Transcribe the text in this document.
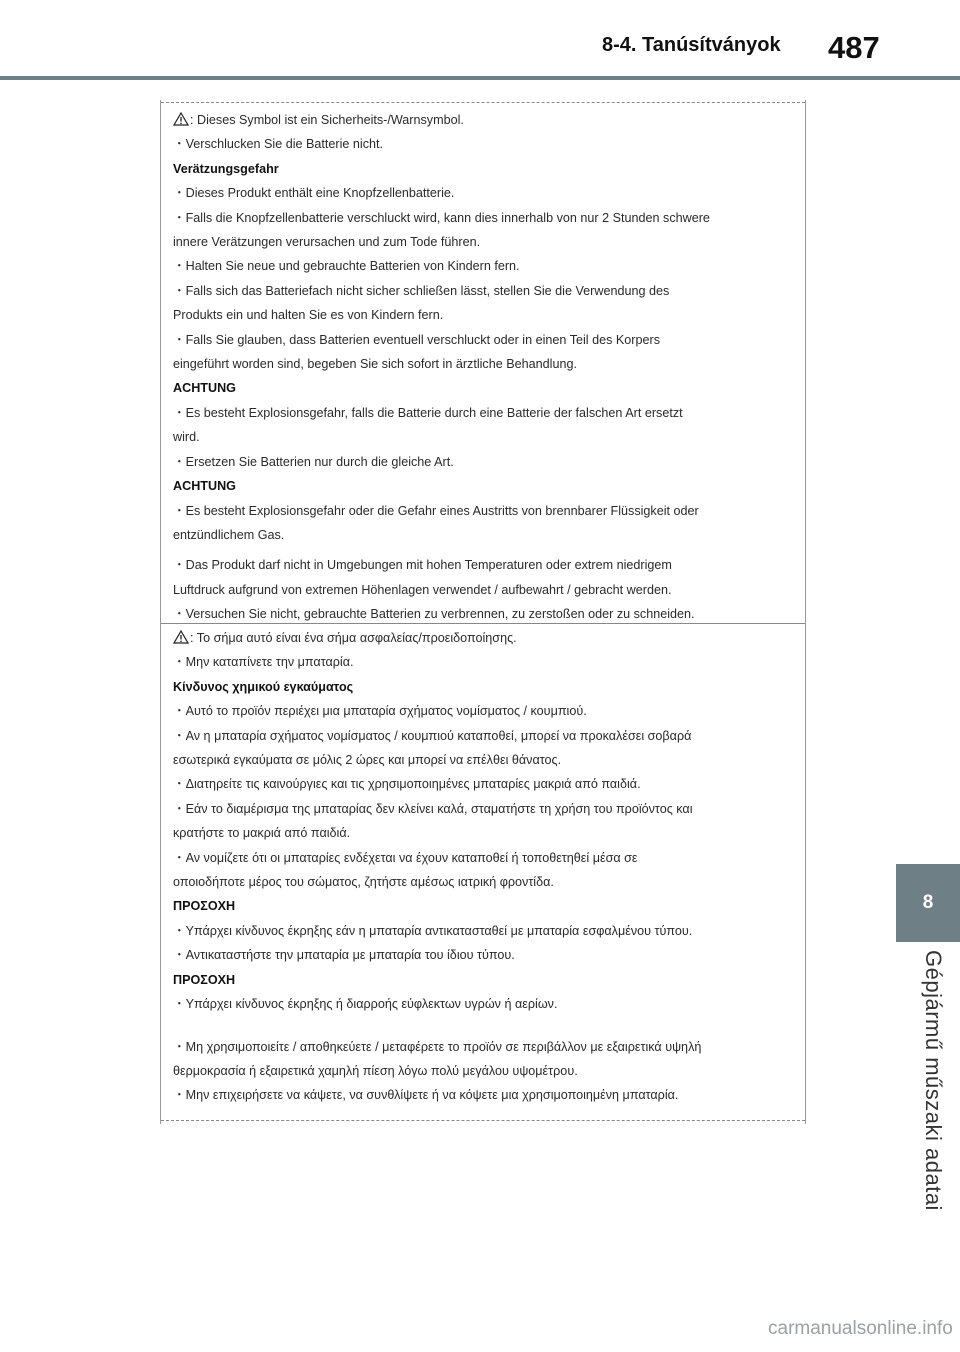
8-4. Tanúsítványok 487
8
Gépjármű műszaki adatai
: Dieses Symbol ist ein Sicherheits-/Warnsymbol.
・Verschlucken Sie die Batterie nicht.
Verätzungsgefahr
・Dieses Produkt enthält eine Knopfzellenbatterie.
・Falls die Knopfzellenbatterie verschluckt wird, kann dies innerhalb von nur 2 Stunden schwere
innere Verätzungen verursachen und zum Tode führen.
・Halten Sie neue und gebrauchte Batterien von Kindern fern.
・Falls sich das Batteriefach nicht sicher schließen lässt, stellen Sie die Verwendung des
Produkts ein und halten Sie es von Kindern fern.
・Falls Sie glauben, dass Batterien eventuell verschluckt oder in einen Teil des Korpers
eingeführt worden sind, begeben Sie sich sofort in ärztliche Behandlung.
ACHTUNG
・Es besteht Explosionsgefahr, falls die Batterie durch eine Batterie der falschen Art ersetzt
wird.
・Ersetzen Sie Batterien nur durch die gleiche Art.
ACHTUNG
・Es besteht Explosionsgefahr oder die Gefahr eines Austritts von brennbarer Flüssigkeit oder
entzündlichem Gas.
・Das Produkt darf nicht in Umgebungen mit hohen Temperaturen oder extrem niedrigem
Luftdruck aufgrund von extremen Höhenlagen verwendet / aufbewahrt / gebracht werden.
・Versuchen Sie nicht, gebrauchte Batterien zu verbrennen, zu zerstoßen oder zu schneiden.
: Το σήμα αυτό είναι ένα σήμα ασφαλείας/προειδοποίησης.
・Μην καταπίνετε την μπαταρία.
Κίνδυνος χημικού εγκαύματος
・Αυτό το προϊόν περιέχει μια μπαταρία σχήματος νομίσματος / κουμπιού.
・Αν η μπαταρία σχήματος νομίσματος / κουμπιού καταποθεί, μπορεί να προκαλέσει σοβαρά
εσωτερικά εγκαύματα σε μόλις 2 ώρες και μπορεί να επέλθει θάνατος.
・Διατηρείτε τις καινούργιες και τις χρησιμοποιημένες μπαταρίες μακριά από παιδιά.
・Εάν το διαμέρισμα της μπαταρίας δεν κλείνει καλά, σταματήστε τη χρήση του προϊόντος και
κρατήστε το μακριά από παιδιά.
・Αν νομίζετε ότι οι μπαταρίες ενδέχεται να έχουν καταποθεί ή τοποθετηθεί μέσα σε
οποιοδήποτε μέρος του σώματος, ζητήστε αμέσως ιατρική φροντίδα.
ΠΡΟΣΟΧΗ
・Υπάρχει κίνδυνος έκρηξης εάν η μπαταρία αντικατασταθεί με μπαταρία εσφαλμένου τύπου.
・Αντικαταστήστε την μπαταρία με μπαταρία του ίδιου τύπου.
ΠΡΟΣΟΧΗ
・Υπάρχει κίνδυνος έκρηξης ή διαρροής εύφλεκτων υγρών ή αερίων.
・Μη χρησιμοποιείτε / αποθηκεύετε / μεταφέρετε το προϊόν σε περιβάλλον με εξαιρετικά υψηλή
θερμοκρασία ή εξαιρετικά χαμηλή πίεση λόγω πολύ μεγάλου υψομέτρου.
・Μην επιχειρήσετε να κάψετε, να συνθλίψετε ή να κόψετε μια χρησιμοποιημένη μπαταρία.
carmanualsonline.info
